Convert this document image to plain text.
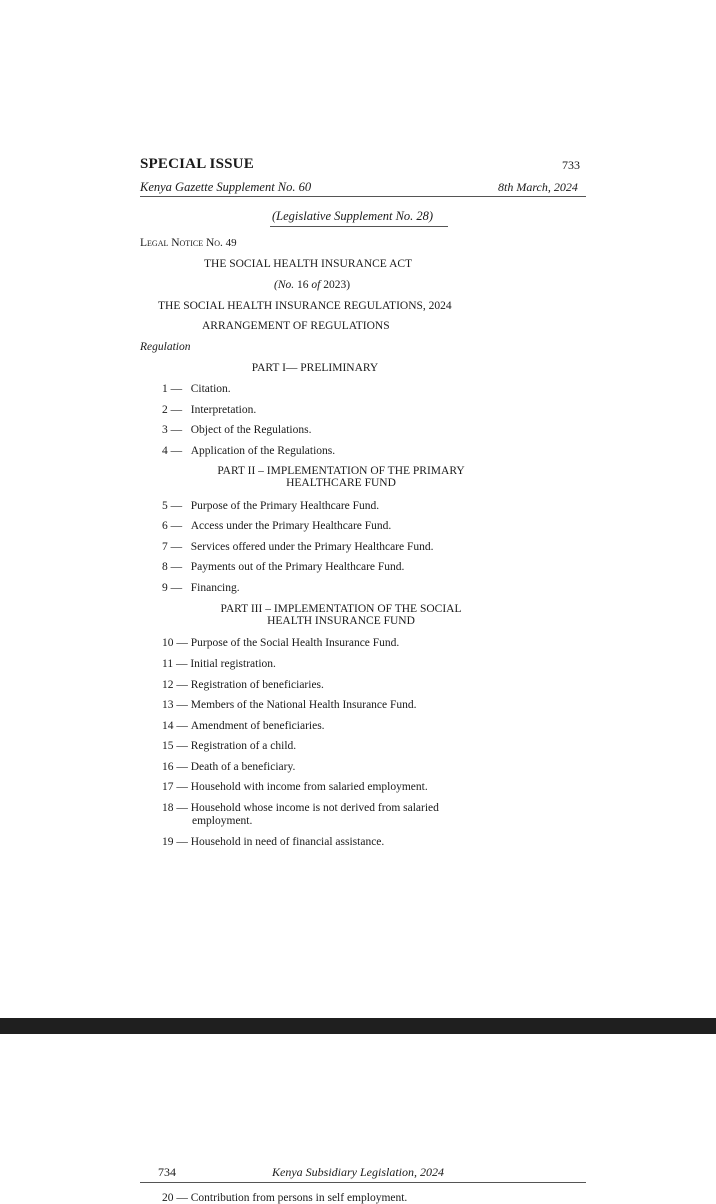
SPECIAL ISSUE	733
Kenya Gazette Supplement No. 60	8th March, 2024
(Legislative Supplement No. 28)
Legal Notice No. 49
THE SOCIAL HEALTH INSURANCE ACT
(No. 16 of 2023)
THE SOCIAL HEALTH INSURANCE REGULATIONS, 2024
ARRANGEMENT OF REGULATIONS
Regulation
PART I— PRELIMINARY
1 — Citation.
2 — Interpretation.
3 — Object of the Regulations.
4 — Application of the Regulations.
PART II – IMPLEMENTATION OF THE PRIMARY
HEALTHCARE FUND
5 — Purpose of the Primary Healthcare Fund.
6 — Access under the Primary Healthcare Fund.
7 — Services offered under the Primary Healthcare Fund.
8 — Payments out of the Primary Healthcare Fund.
9 — Financing.
PART III – IMPLEMENTATION OF THE SOCIAL
HEALTH INSURANCE FUND
10 — Purpose of the Social Health Insurance Fund.
11 — Initial registration.
12 — Registration of beneficiaries.
13 — Members of the National Health Insurance Fund.
14 — Amendment of beneficiaries.
15 — Registration of a child.
16 — Death of a beneficiary.
17 — Household with income from salaried employment.
18 — Household whose income is not derived from salaried
employment.
19 — Household in need of financial assistance.
734	Kenya Subsidiary Legislation, 2024
20 — Contribution from persons in self employment.
